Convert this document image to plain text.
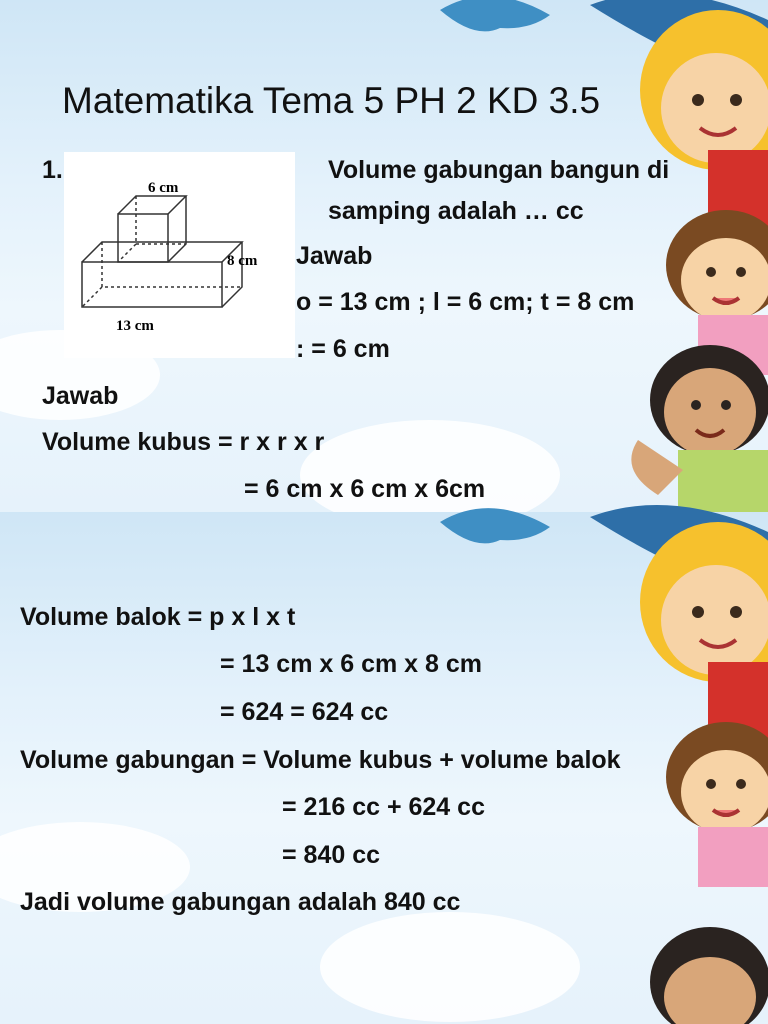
Matematika Tema 5 PH 2 KD 3.5
1.
6 cm
8 cm
13 cm
Volume gabungan bangun di
samping adalah … cc
Jawab
o = 13 cm ; l = 6 cm; t = 8 cm
: = 6 cm
Jawab
Volume kubus = r x r x r
= 6 cm x 6 cm x 6cm
Volume balok = p x l x t
= 13 cm x 6 cm x 8 cm
= 624 = 624 cc
Volume gabungan = Volume kubus + volume balok
= 216 cc + 624 cc
= 840 cc
Jadi volume gabungan adalah 840 cc
